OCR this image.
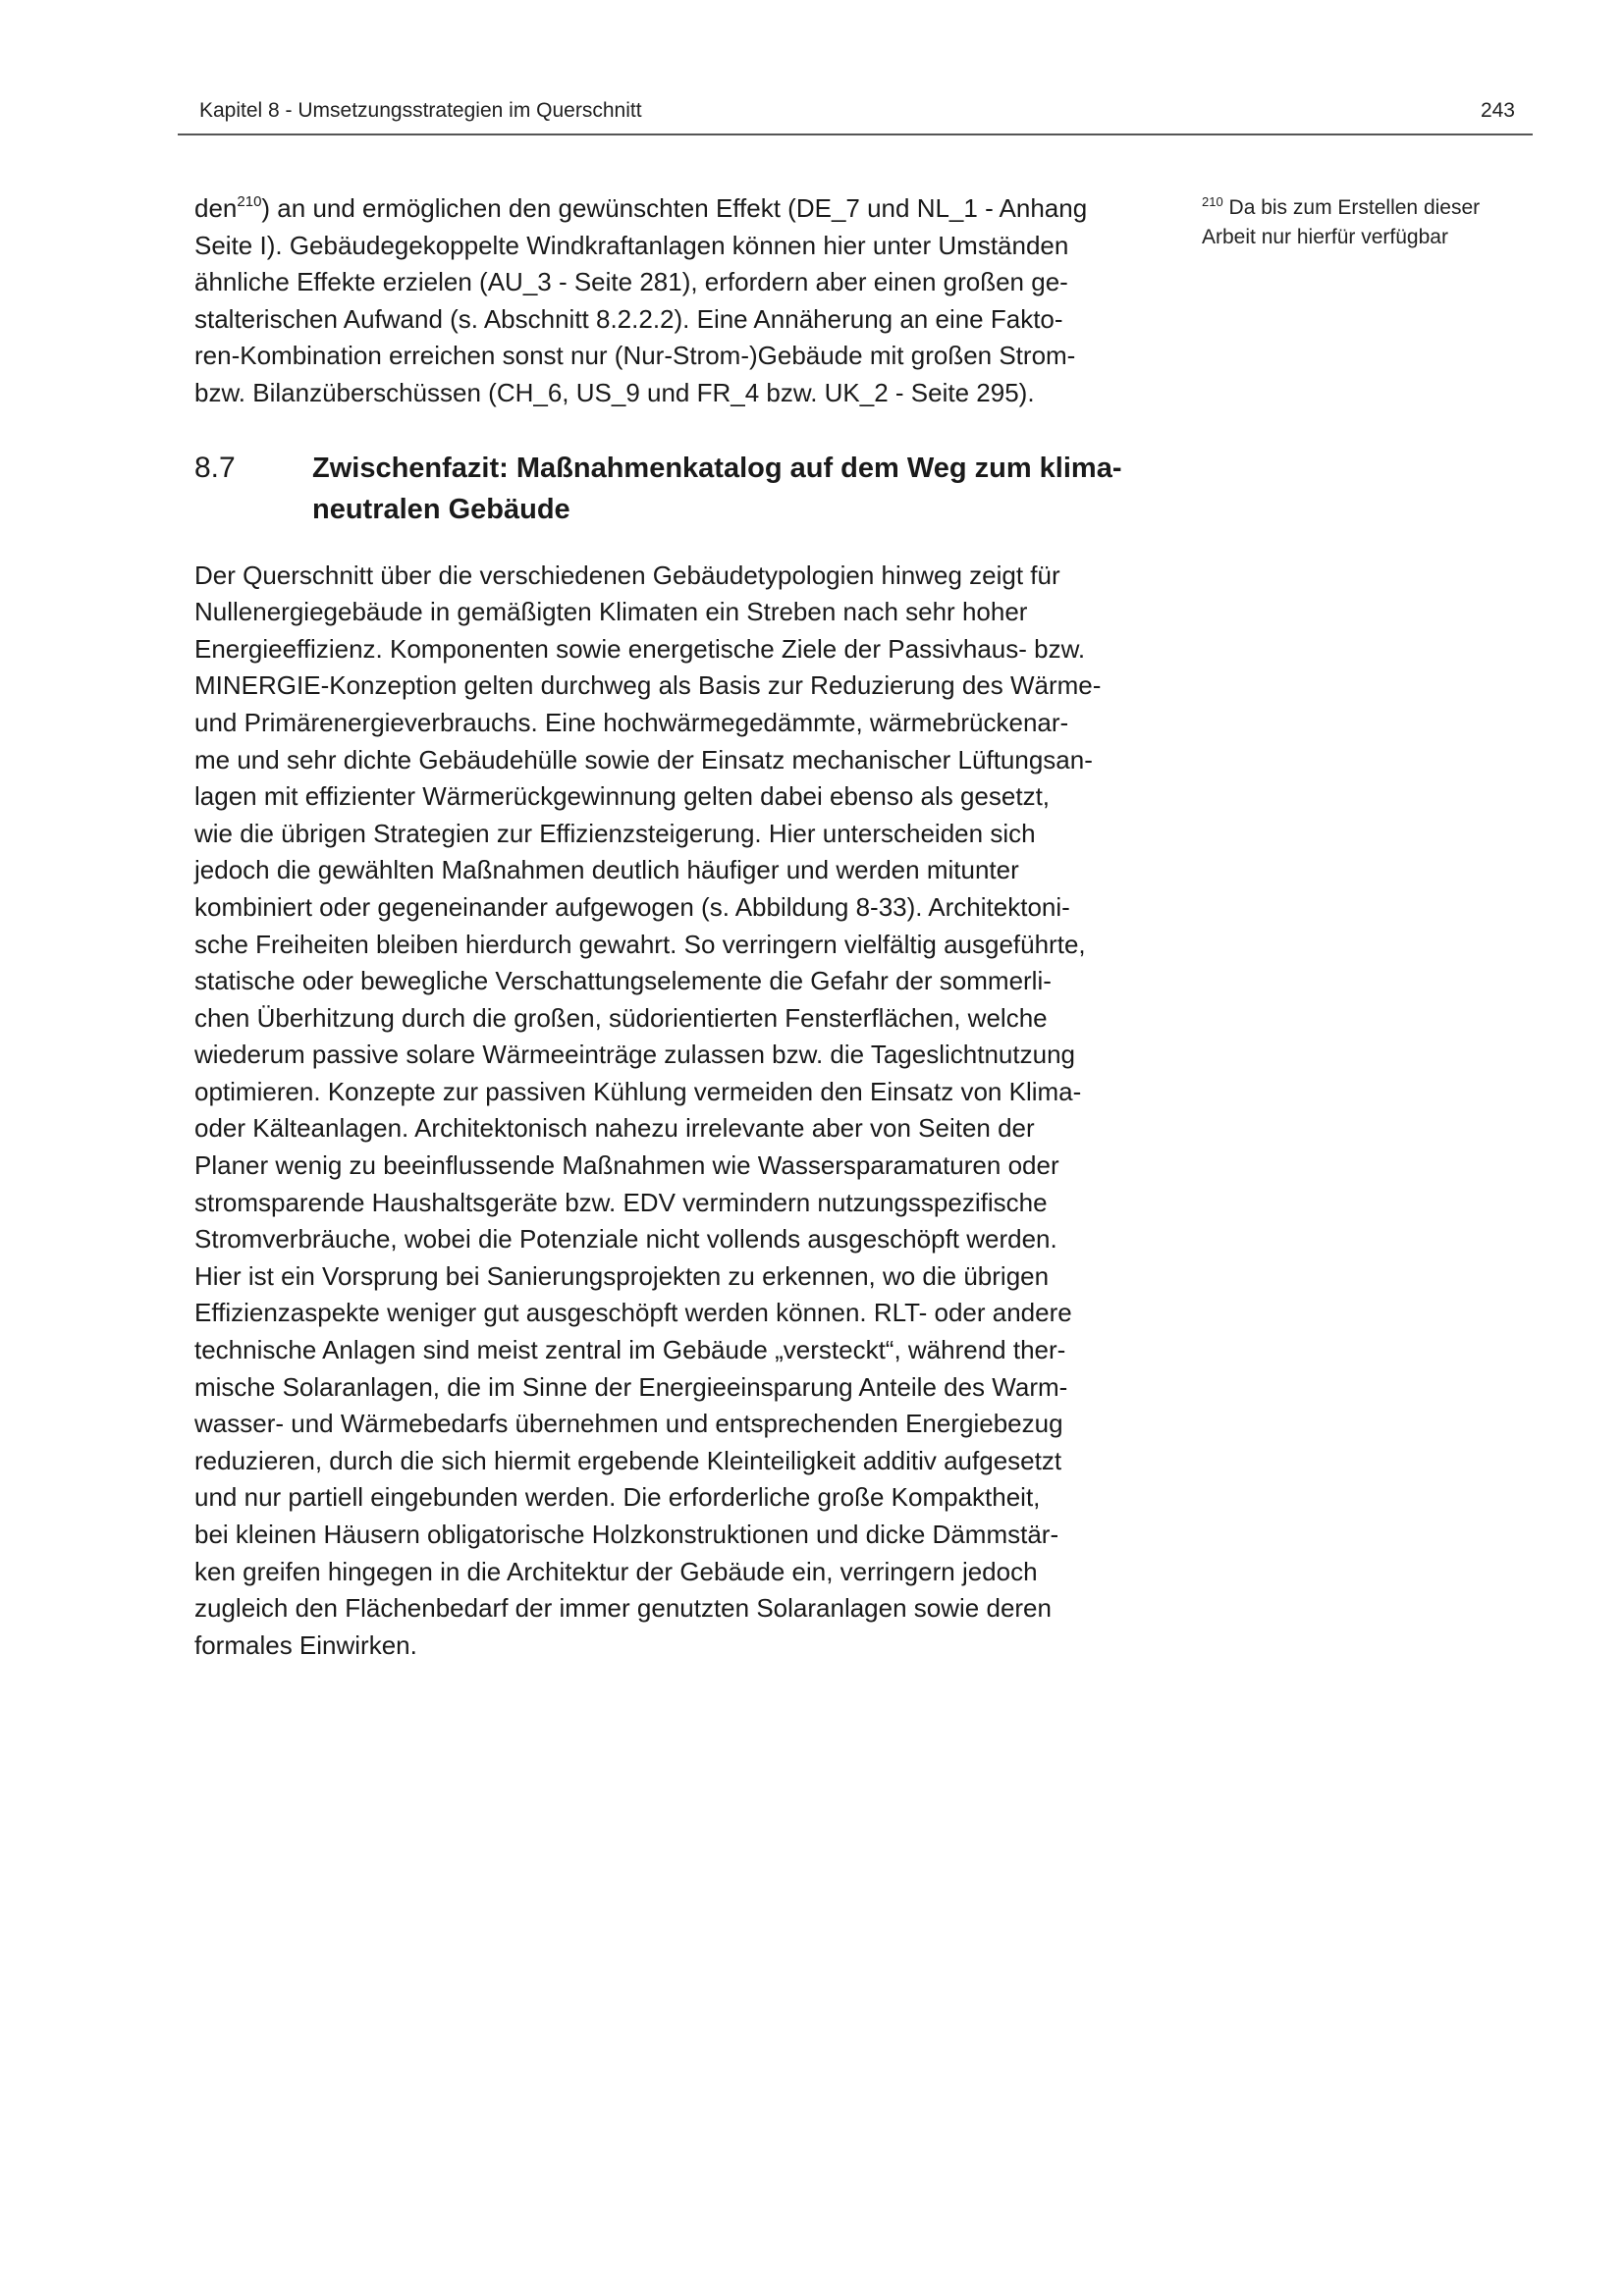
Kapitel 8 - Umsetzungsstrategien im Querschnitt	243

den$^{210}$) an und ermöglichen den gewünschten Effekt (DE_7 und NL_1 - Anhang
Seite I). Gebäudegekoppelte Windkraftanlagen können hier unter Umständen
ähnliche Effekte erzielen (AU_3 - Seite 281), erfordern aber einen großen ge-
stalterischen Aufwand (s. Abschnitt 8.2.2.2). Eine Annäherung an eine Fakto-
ren-Kombination erreichen sonst nur (Nur-Strom-)Gebäude mit großen Strom-
bzw. Bilanzüberschüssen (CH_6, US_9 und FR_4 bzw. UK_2 - Seite 295).

8.7	Zwischenfazit: Maßnahmenkatalog auf dem Weg zum klima-
neutralen Gebäude

Der Querschnitt über die verschiedenen Gebäudetypologien hinweg zeigt für
Nullenergiegebäude in gemäßigten Klimaten ein Streben nach sehr hoher
Energieeffizienz. Komponenten sowie energetische Ziele der Passivhaus- bzw.
MINERGIE-Konzeption gelten durchweg als Basis zur Reduzierung des Wärme-
und Primärenergieverbrauchs. Eine hochwärmegedämmte, wärmebrückenar-
me und sehr dichte Gebäudehülle sowie der Einsatz mechanischer Lüftungsan-
lagen mit effizienter Wärmerückgewinnung gelten dabei ebenso als gesetzt,
wie die übrigen Strategien zur Effizienzsteigerung. Hier unterscheiden sich
jedoch die gewählten Maßnahmen deutlich häufiger und werden mitunter
kombiniert oder gegeneinander aufgewogen (s. Abbildung 8-33). Architektoni-
sche Freiheiten bleiben hierdurch gewahrt. So verringern vielfältig ausgeführte,
statische oder bewegliche Verschattungselemente die Gefahr der sommerli-
chen Überhitzung durch die großen, südorientierten Fensterflächen, welche
wiederum passive solare Wärmeeinträge zulassen bzw. die Tageslichtnutzung
optimieren. Konzepte zur passiven Kühlung vermeiden den Einsatz von Klima-
oder Kälteanlagen. Architektonisch nahezu irrelevante aber von Seiten der
Planer wenig zu beeinflussende Maßnahmen wie Wassersparamaturen oder
stromsparende Haushaltsgeräte bzw. EDV vermindern nutzungsspezifische
Stromverbräuche, wobei die Potenziale nicht vollends ausgeschöpft werden.
Hier ist ein Vorsprung bei Sanierungsprojekten zu erkennen, wo die übrigen
Effizienzaspekte weniger gut ausgeschöpft werden können. RLT- oder andere
technische Anlagen sind meist zentral im Gebäude „versteckt“, während ther-
mische Solaranlagen, die im Sinne der Energieeinsparung Anteile des Warm-
wasser- und Wärmebedarfs übernehmen und entsprechenden Energiebezug
reduzieren, durch die sich hiermit ergebende Kleinteiligkeit additiv aufgesetzt
und nur partiell eingebunden werden. Die erforderliche große Kompaktheit,
bei kleinen Häusern obligatorische Holzkonstruktionen und dicke Dämmstär-
ken greifen hingegen in die Architektur der Gebäude ein, verringern jedoch
zugleich den Flächenbedarf der immer genutzten Solaranlagen sowie deren
formales Einwirken.

$^{210}$ Da bis zum Erstellen dieser
Arbeit nur hierfür verfügbar
